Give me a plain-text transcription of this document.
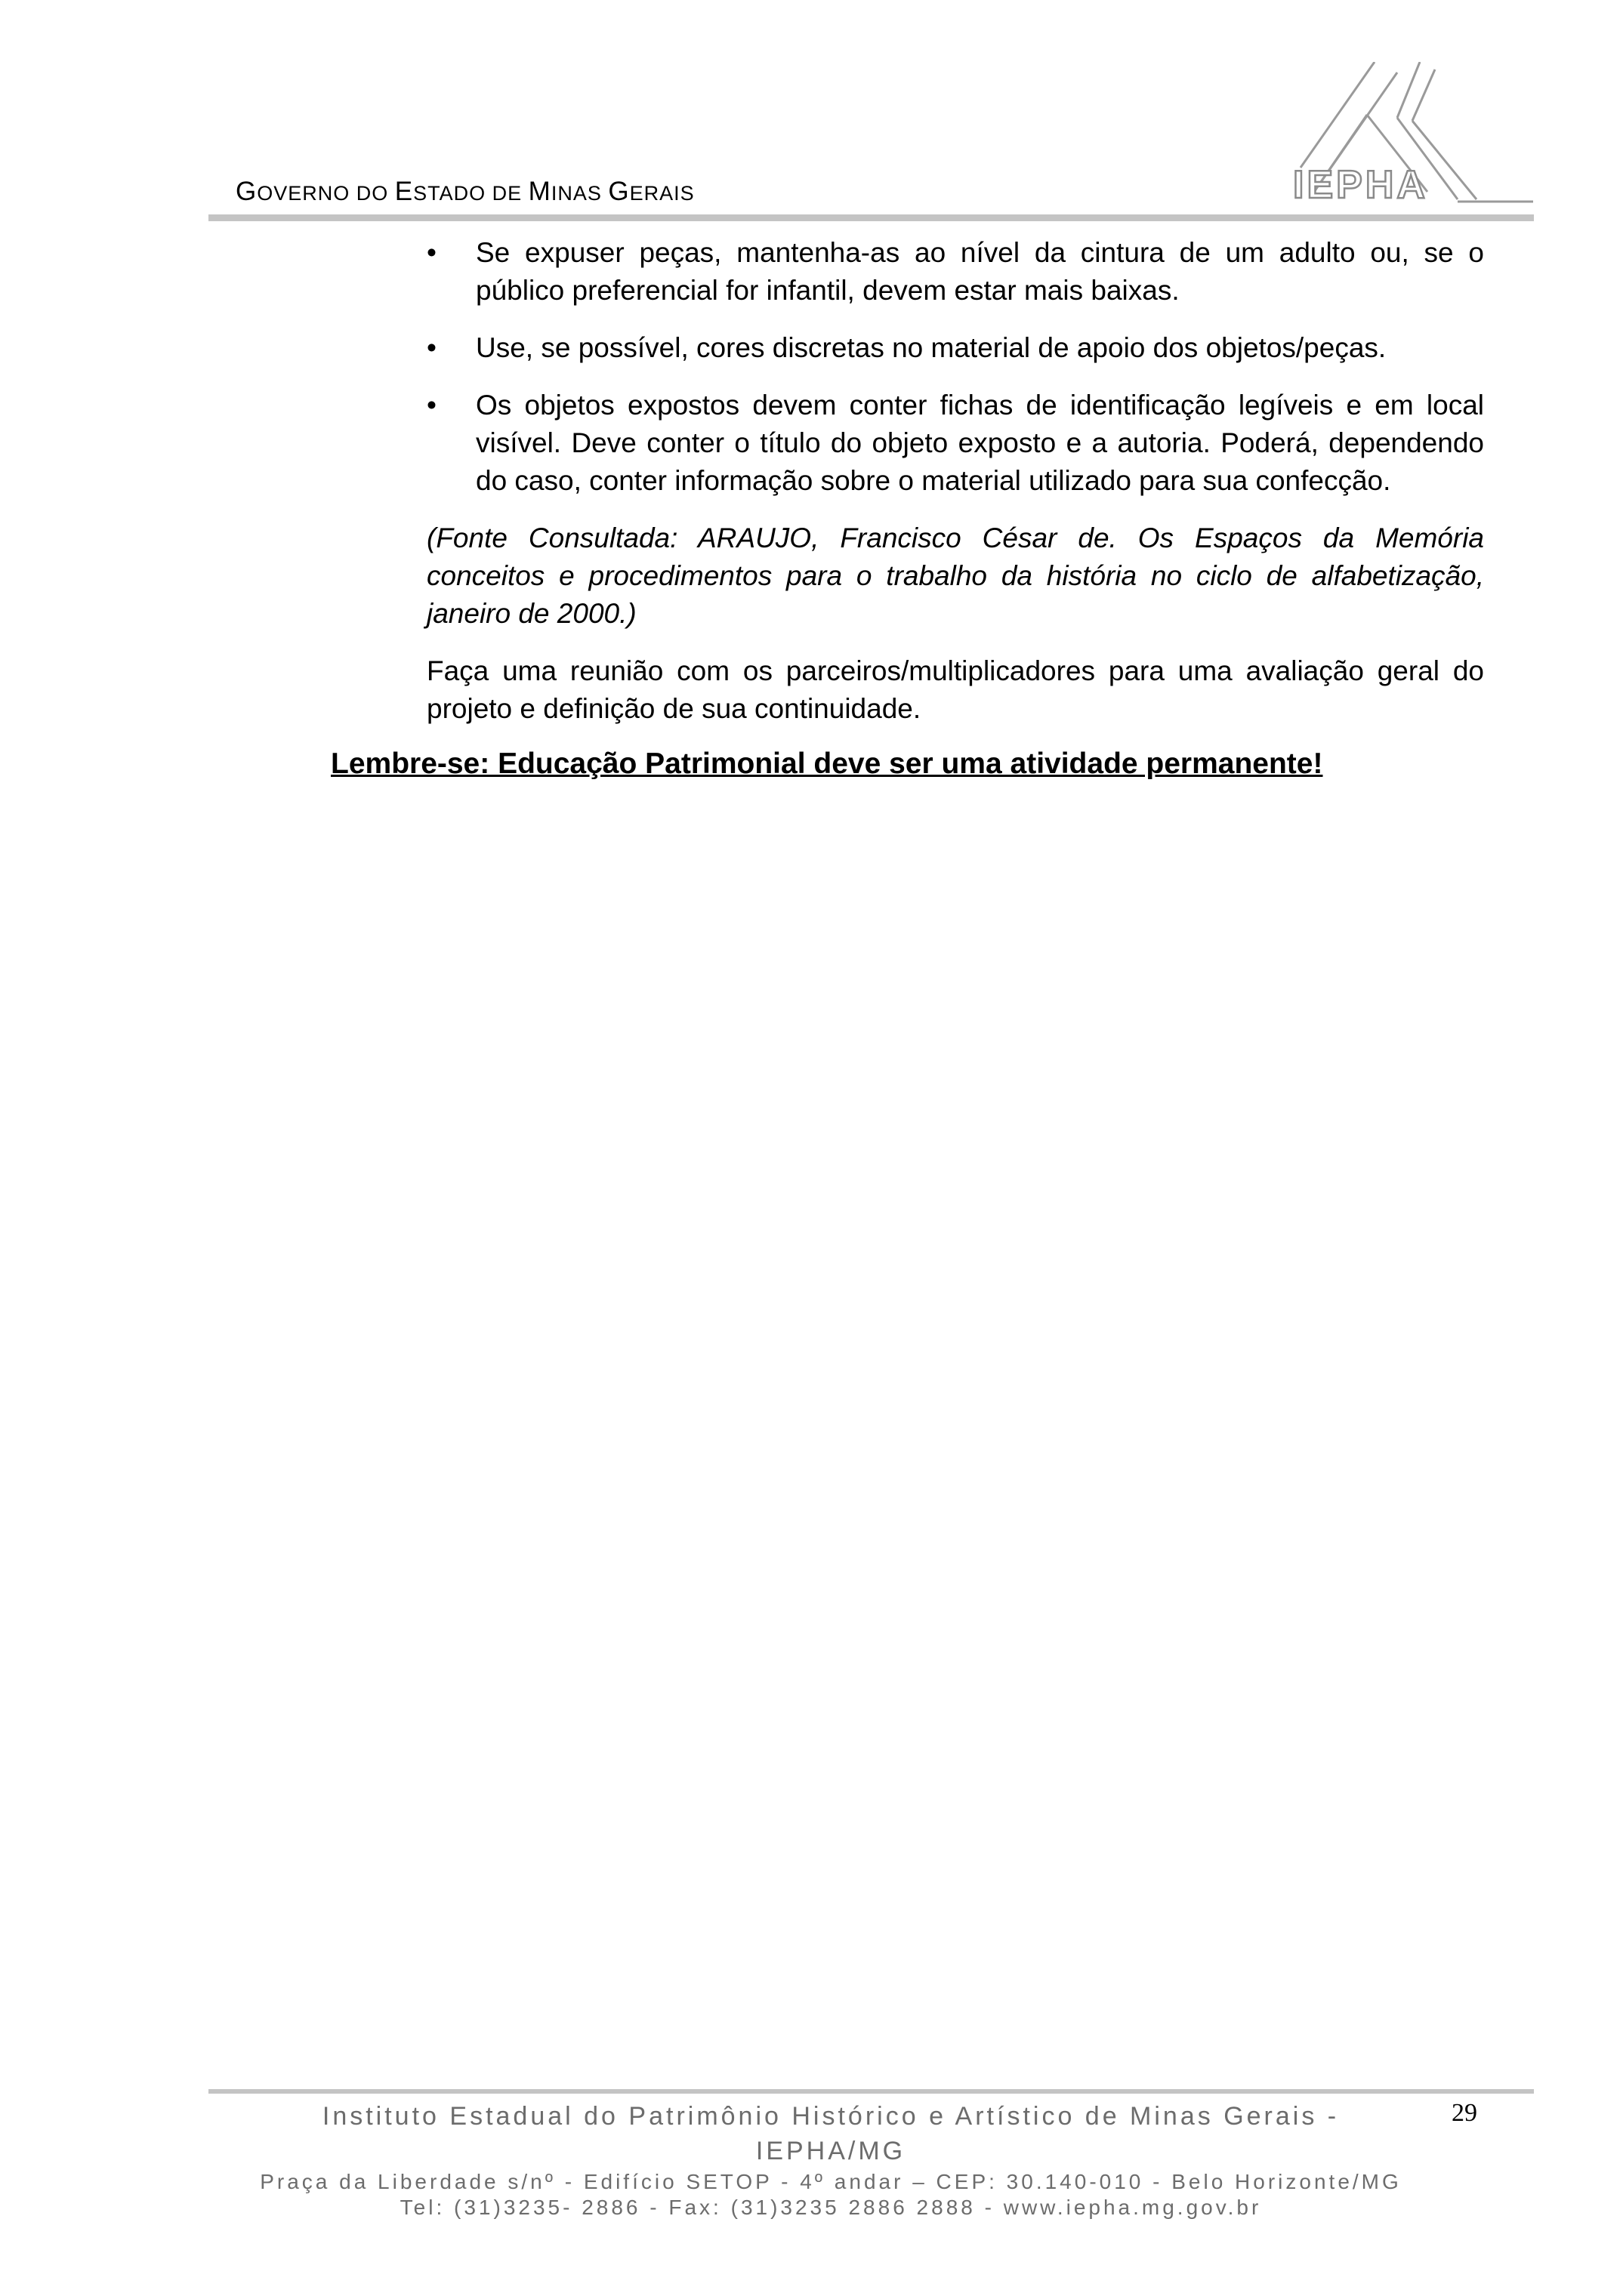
GOVERNO DO ESTADO DE MINAS GERAIS	IEPHA
• Se expuser peças, mantenha-as ao nível da cintura de um adulto ou, se o público preferencial for infantil, devem estar mais baixas.
• Use, se possível, cores discretas no material de apoio dos objetos/peças.
• Os objetos expostos devem conter fichas de identificação legíveis e em local visível. Deve conter o título do objeto exposto e a autoria. Poderá, dependendo do caso, conter informação sobre o material utilizado para sua confecção.

(Fonte Consultada: ARAUJO, Francisco César de. Os Espaços da Memória conceitos e procedimentos para o trabalho da história no ciclo de alfabetização, janeiro de 2000.)

Faça uma reunião com os parceiros/multiplicadores para uma avaliação geral do projeto e definição de sua continuidade.

Lembre-se: Educação Patrimonial deve ser uma atividade permanente!
Instituto Estadual do Patrimônio Histórico e Artístico de Minas Gerais -
IEPHA/MG
Praça da Liberdade s/nº - Edifício SETOP - 4º andar – CEP: 30.140-010 - Belo Horizonte/MG
Tel: (31)3235- 2886 - Fax: (31)3235 2886 2888 - www.iepha.mg.gov.br
29
